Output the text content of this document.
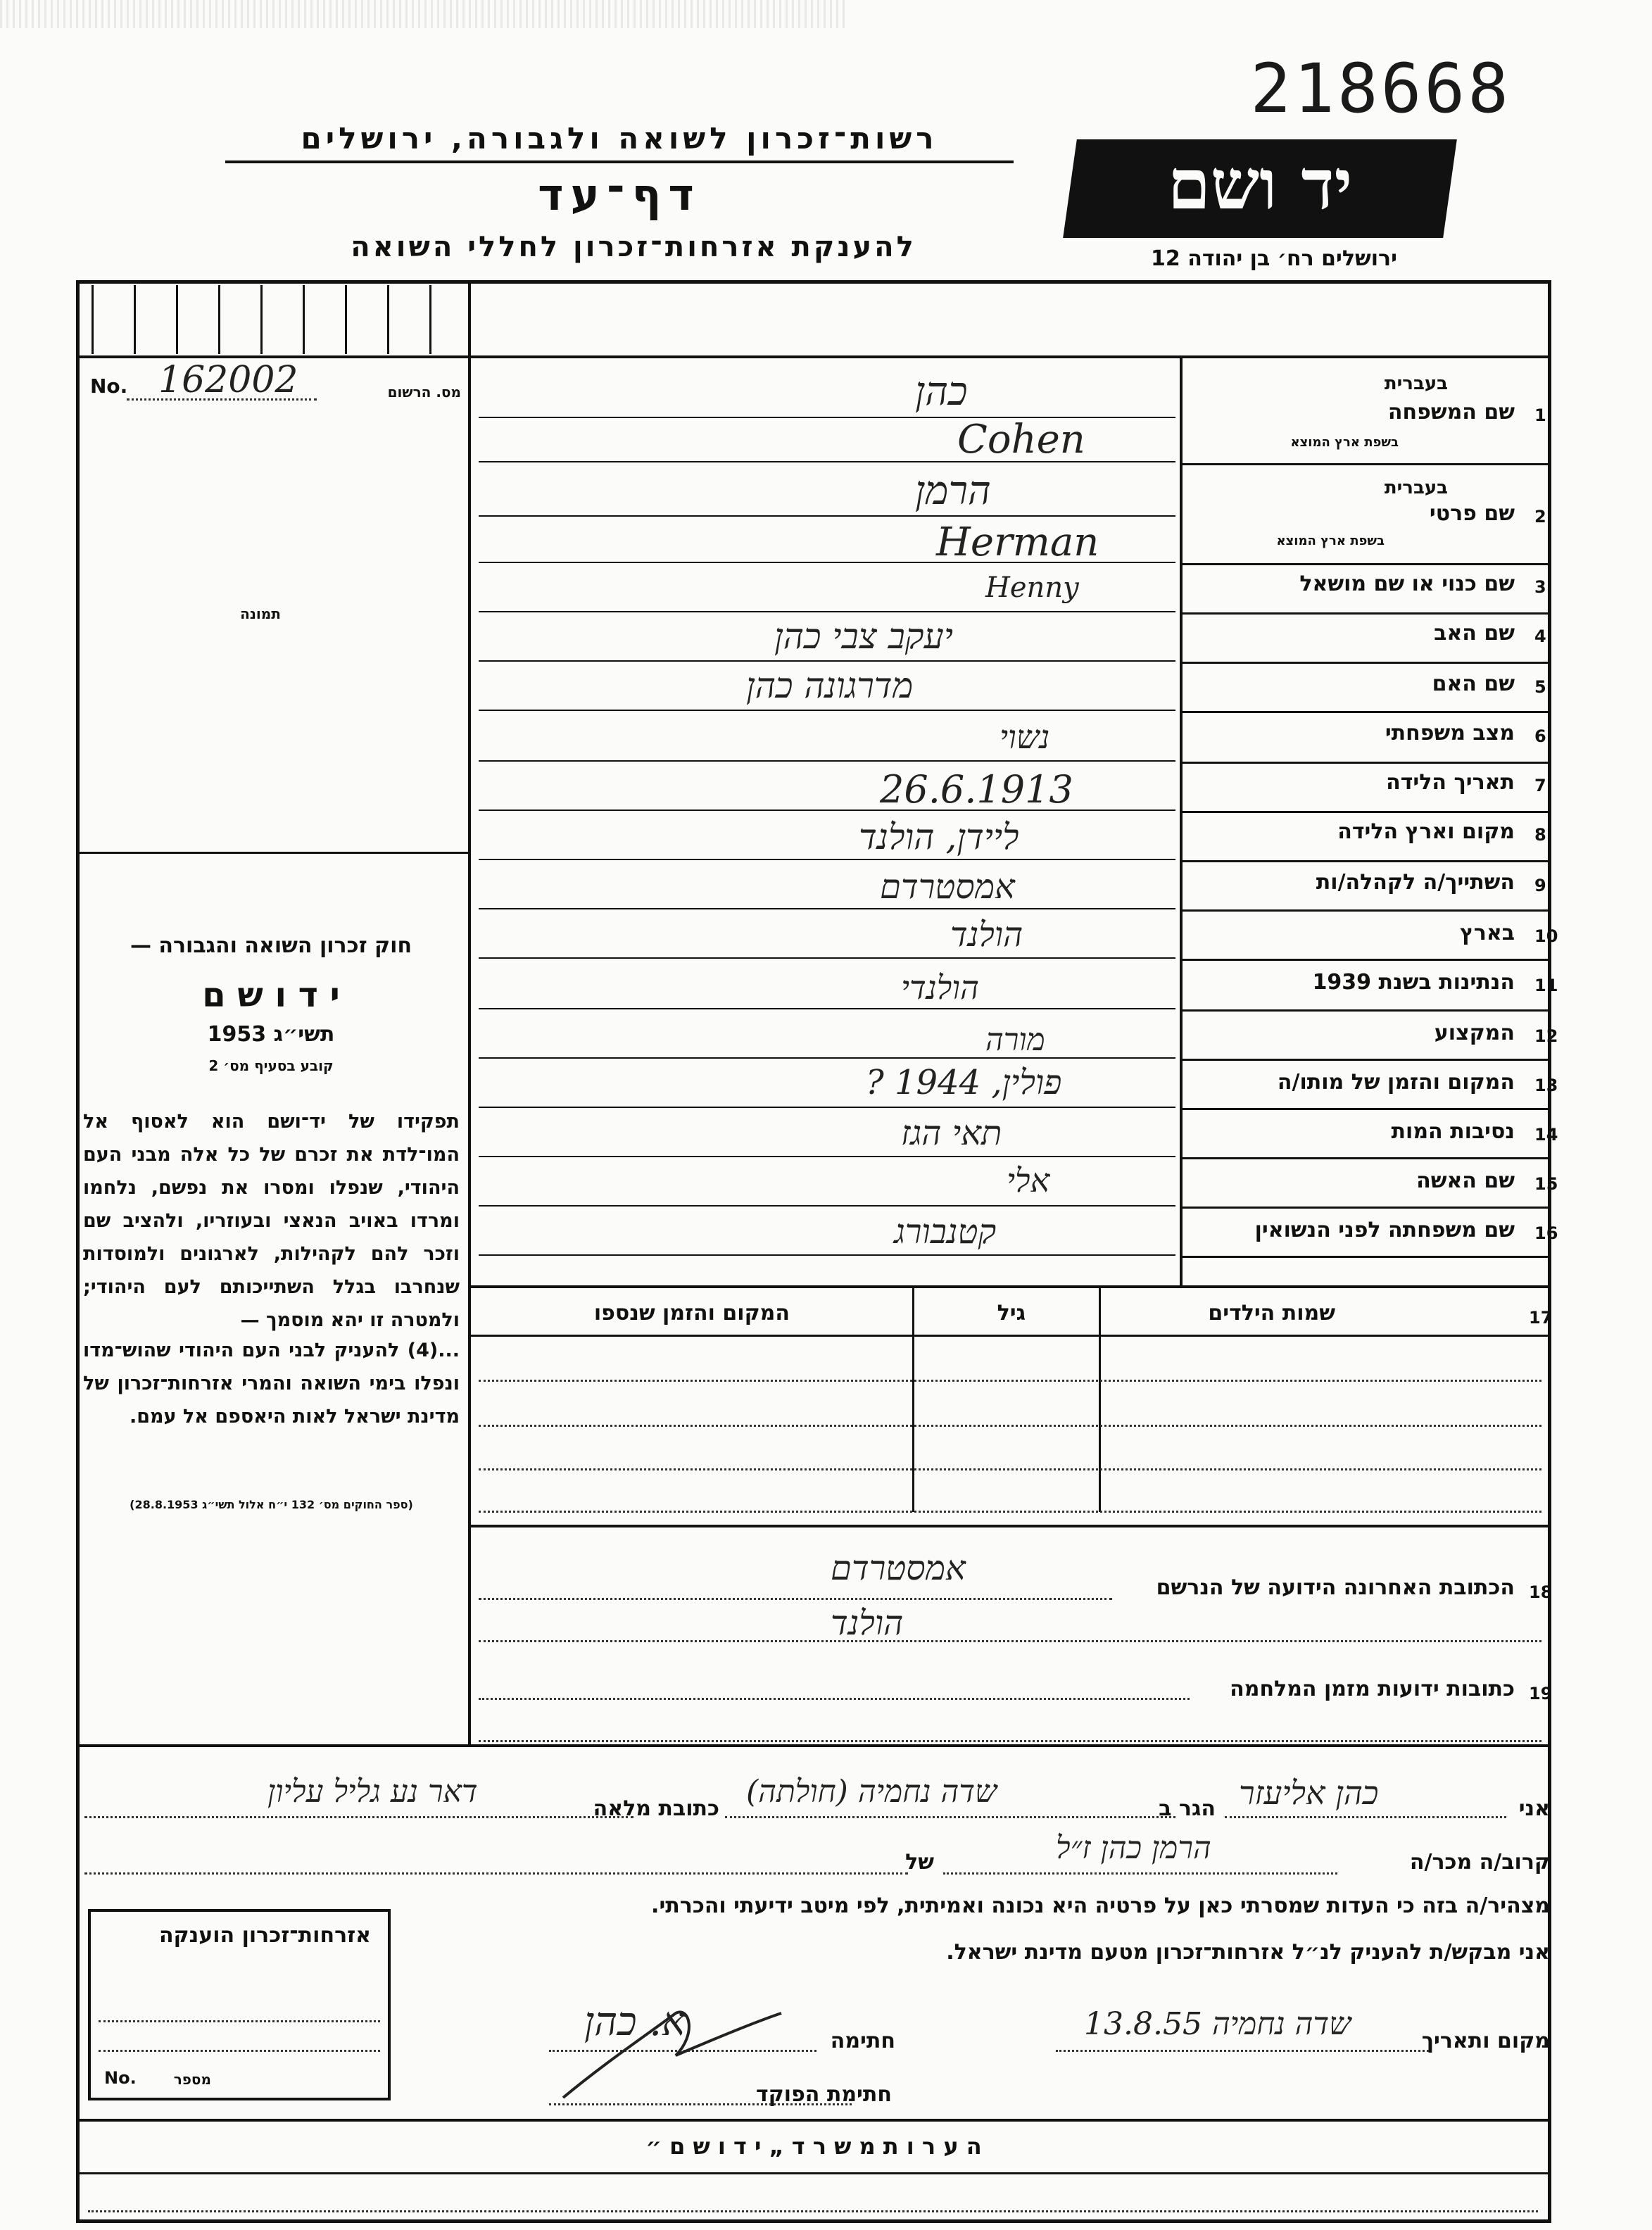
218668
רשות־זכרון לשואה ולגבורה, ירושלים
דף־עד
להענקת אזרחות־זכרון לחללי השואה
יד ושם
ירושלים רח׳ בן יהודה 12
No. 162002	מס. הרשום
תמונה
חוק זכרון השואה והגבורה —
י ד ו ש ם
תשי״ג 1953
קובע בסעיף מס׳ 2
תפקידו של יד־ושם הוא לאסוף אל המו־לדת את זכרם של כל אלה מבני העם היהודי, שנפלו ומסרו את נפשם, נלחמו ומרדו באויב הנאצי ובעוזריו, ולהציב שם וזכר להם לקהילות, לארגונים ולמוסדות שנחרבו בגלל השתייכותם לעם היהודי; ולמטרה זו יהא מוסמך —
...(4) להעניק לבני העם היהודי שהוש־מדו ונפלו בימי השואה והמרי אזרחות־זכרון של מדינת ישראל לאות היאספם אל עמם.
(ספר החוקים מס׳ 132 י״ח אלול תשי״ג 28.8.1953)
1
שם המשפחה
בעברית
בשפת ארץ המוצא
כהן
Cohen
2
שם פרטי
בעברית
בשפת ארץ המוצא
הרמן
Herman
3
שם כנוי או שם מושאל
Henny
4
שם האב
יעקב צבי כהן
5
שם האם
מדרגונה כהן
6
מצב משפחתי
נשוי
7
תאריך הלידה
26.6.1913
8
מקום וארץ הלידה
ליידן, הולנד
9
השתייך/ה לקהלה/ות
אמסטרדם
10
בארץ
הולנד
11
הנתינות בשנת 1939
הולנדי
12
המקצוע
מורה
13
המקום והזמן של מותו/ה
פולין, 1944 ?
14
נסיבות המות
תאי הגז
15
שם האשה
אלי
16
שם משפחתה לפני הנשואין
קטנבורג
17
שמות הילדים
גיל
המקום והזמן שנספו
18
הכתובת האחרונה הידועה של הנרשם
אמסטרדם
הולנד
19
כתובות ידועות מזמן המלחמה
אני
כהן אליעזר
הגר ב
שדה נחמיה (חולתה)
כתובת מלאה
דאר נע גליל עליון
קרוב/ה מכר/ה
של	הרמן כהן ז״ל
מצהיר/ה בזה כי העדות שמסרתי כאן על פרטיה היא נכונה ואמיתית, לפי מיטב ידיעתי והכרתי.
אני מבקש/ת להעניק לנ״ל אזרחות־זכרון מטעם מדינת ישראל.
מקום ותאריך
שדה נחמיה 13.8.55
חתימה
א. כהן
חתימת הפוקד
אזרחות־זכרון הוענקה
No.	מספר
ה ע ר ו ת מ ש ר ד „ י ד ו ש ם ״
